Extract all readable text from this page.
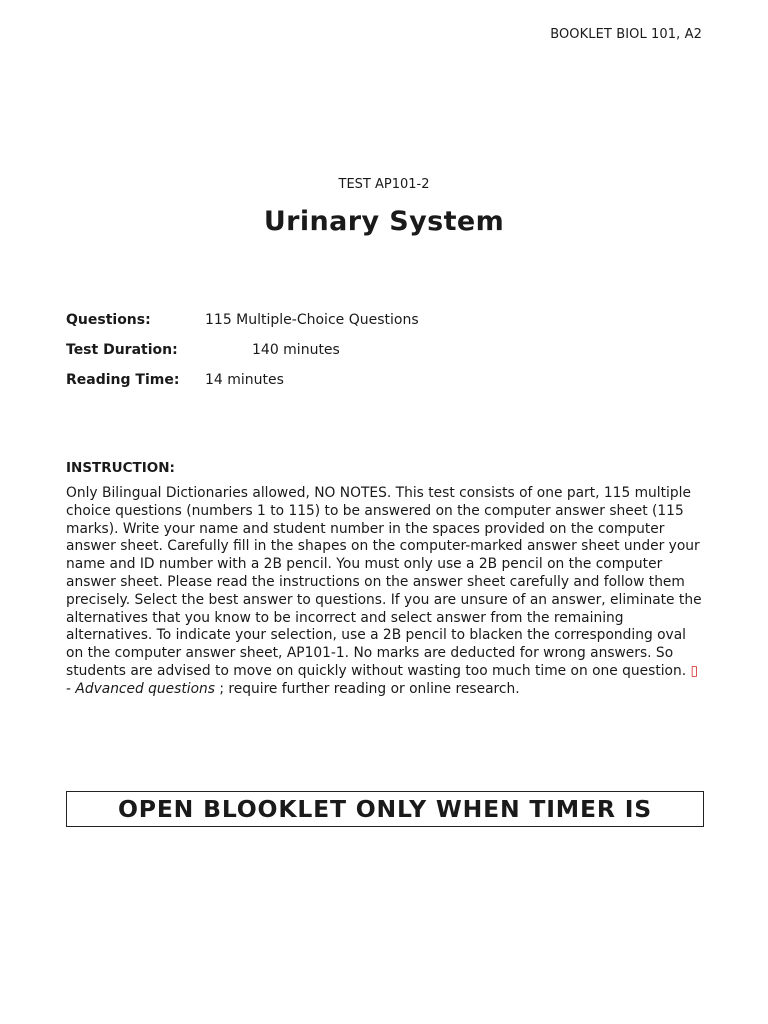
BOOKLET BIOL 101, A2
TEST AP101-2
Urinary System
Questions:	115 Multiple-Choice Questions
Test Duration:	140 minutes
Reading Time: 14 minutes
INSTRUCTION:
Only Bilingual Dictionaries allowed, NO NOTES. This test consists of one part, 115 multiple choice questions (numbers 1 to 115) to be answered on the computer answer sheet (115 marks). Write your name and student number in the spaces provided on the computer answer sheet. Carefully fill in the shapes on the computer-marked answer sheet under your name and ID number with a 2B pencil. You must only use a 2B pencil on the computer answer sheet. Please read the instructions on the answer sheet carefully and follow them precisely. Select the best answer to questions. If you are unsure of an answer, eliminate the alternatives that you know to be incorrect and select answer from the remaining alternatives. To indicate your selection, use a 2B pencil to blacken the corresponding oval on the computer answer sheet, AP101-1. No marks are deducted for wrong answers. So students are advised to move on quickly without wasting too much time on one question. ▯ - Advanced questions ; require further reading or online research.
OPEN BLOOKLET ONLY WHEN TIMER IS
